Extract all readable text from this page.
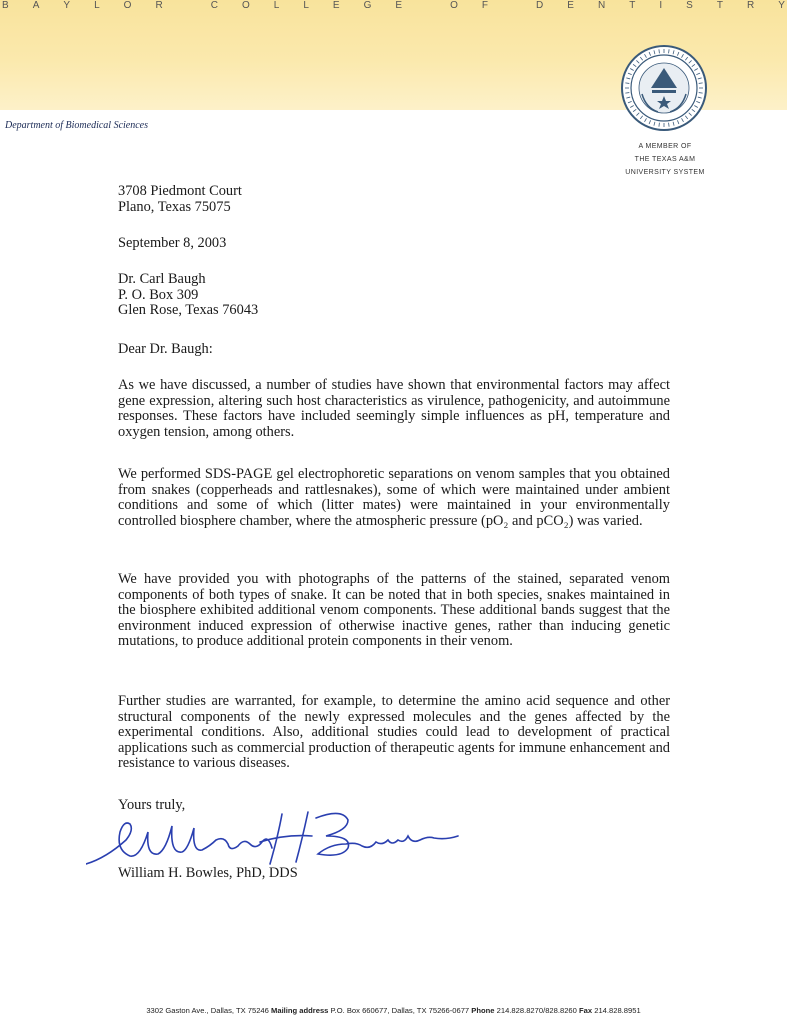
B A Y L O R	C O L L E G E	O F	D E N T I S T R Y
Department of Biomedical Sciences
A MEMBER OF
THE TEXAS A&M
UNIVERSITY SYSTEM
3708 Piedmont Court
Plano, Texas 75075
September 8, 2003
Dr. Carl Baugh
P. O. Box 309
Glen Rose, Texas 76043
Dear Dr. Baugh:

As we have discussed, a number of studies have shown that environmental factors may affect gene expression, altering such host characteristics as virulence, pathogenicity, and autoimmune responses. These factors have included seemingly simple influences as pH, temperature and oxygen tension, among others.

We performed SDS-PAGE gel electrophoretic separations on venom samples that you obtained from snakes (copperheads and rattlesnakes), some of which were maintained under ambient conditions and some of which (litter mates) were maintained in your environmentally controlled biosphere chamber, where the atmospheric pressure (pO₂ and pCO₂) was varied.

We have provided you with photographs of the patterns of the stained, separated venom components of both types of snake. It can be noted that in both species, snakes maintained in the biosphere exhibited additional venom components. These additional bands suggest that the environment induced expression of otherwise inactive genes, rather than inducing genetic mutations, to produce additional protein components in their venom.

Further studies are warranted, for example, to determine the amino acid sequence and other structural components of the newly expressed molecules and the genes affected by the experimental conditions. Also, additional studies could lead to development of practical applications such as commercial production of therapeutic agents for immune enhancement and resistance to various diseases.

Yours truly,
William H. Bowles, PhD, DDS
3302 Gaston Ave., Dallas, TX 75246 Mailing address P.O. Box 660677, Dallas, TX 75266-0677 Phone 214.828.8270/828.8260 Fax 214.828.8951
